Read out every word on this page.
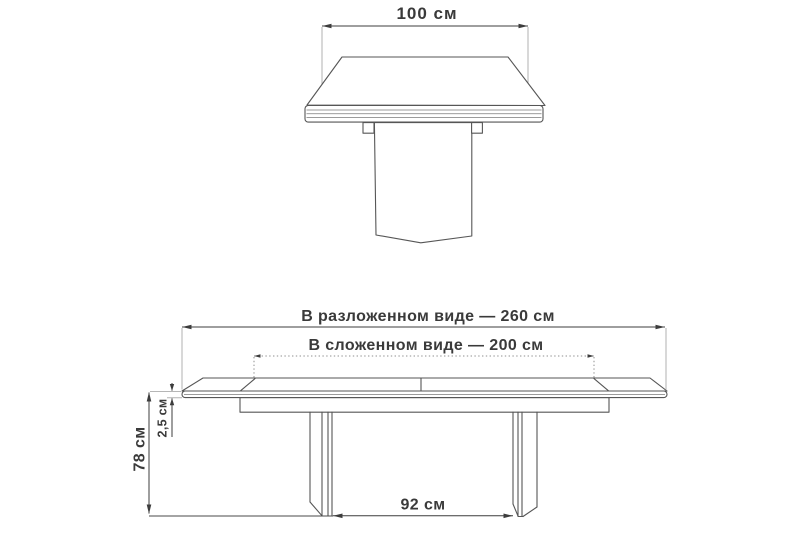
100 см
В разложенном виде — 260 см
В сложенном виде — 200 см
78 см
2,5 см
92 см
